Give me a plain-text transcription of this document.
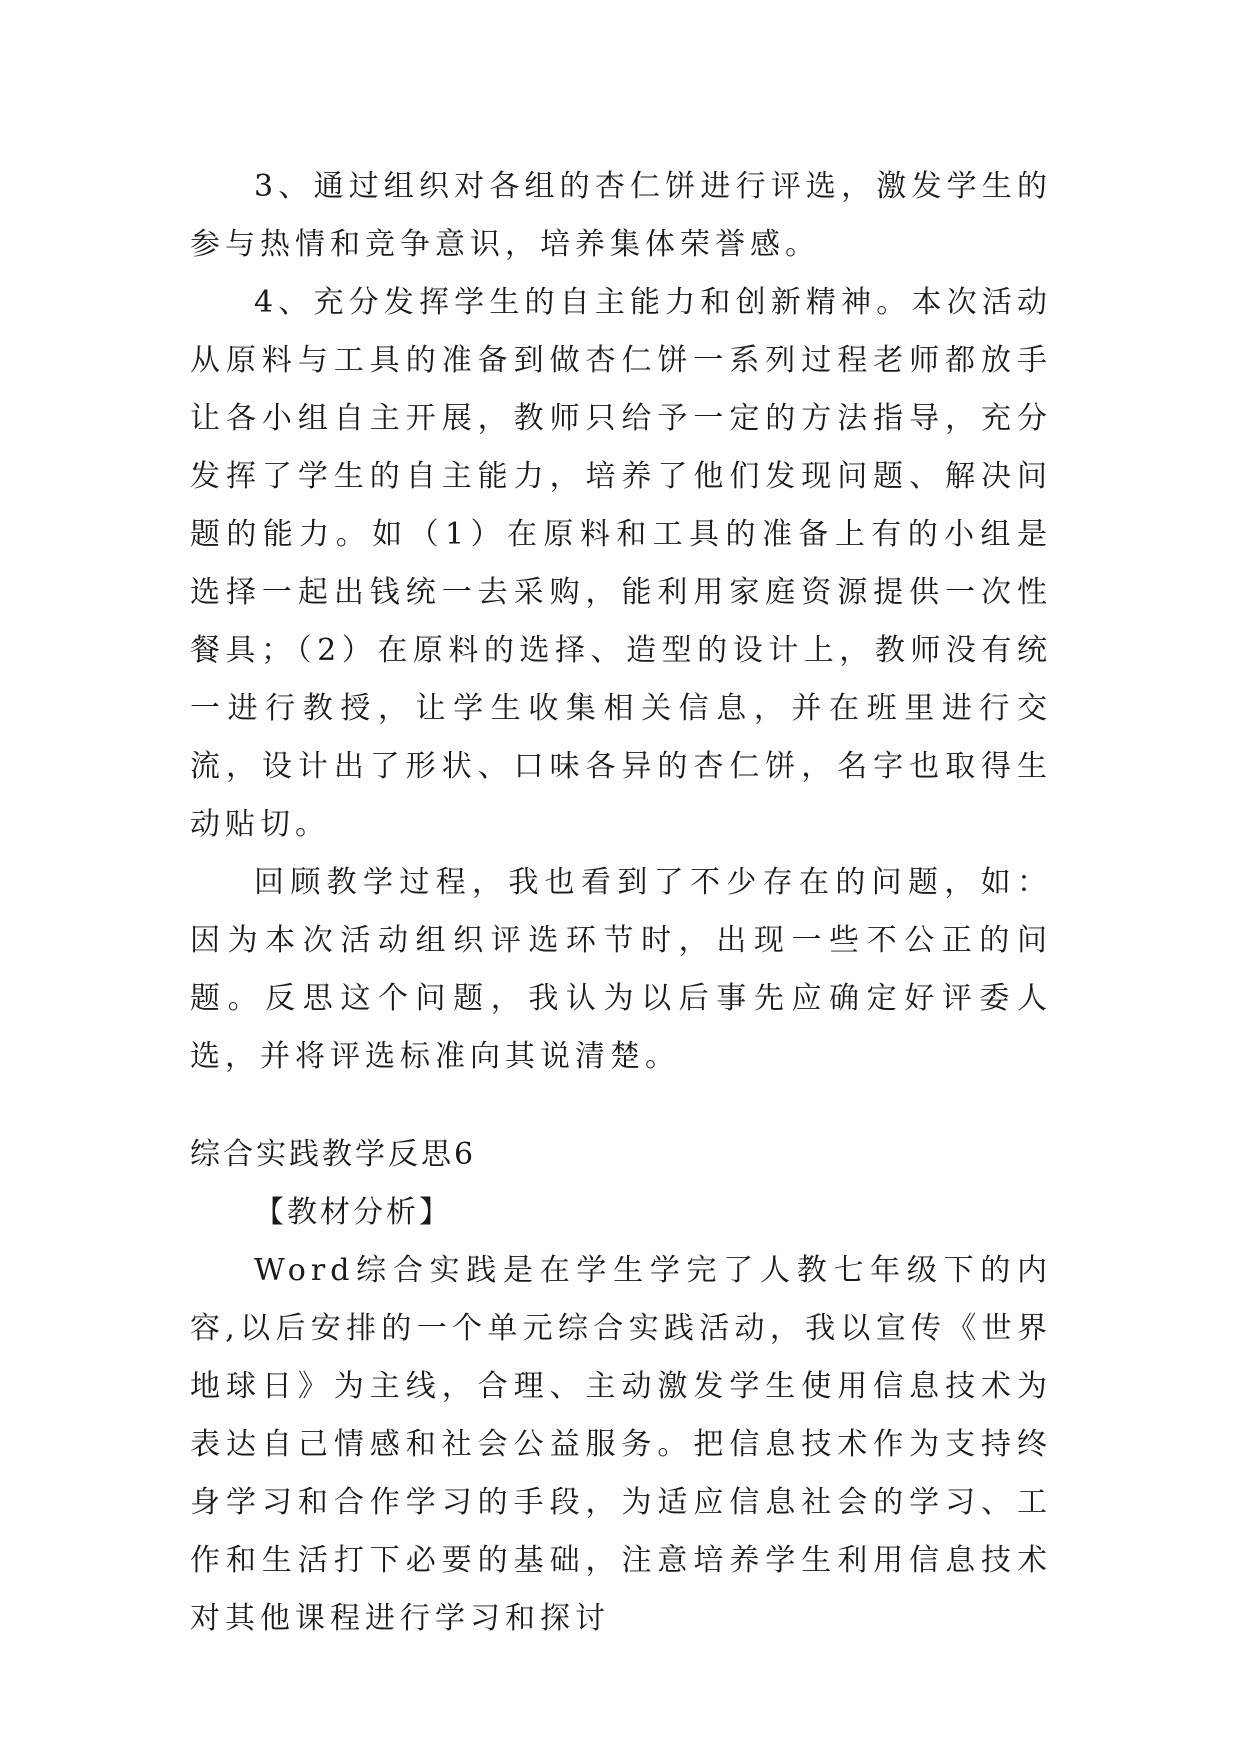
3、通过组织对各组的杏仁饼进行评选，激发学生的参与热情和竞争意识，培养集体荣誉感。

4、充分发挥学生的自主能力和创新精神。本次活动从原料与工具的准备到做杏仁饼一系列过程老师都放手让各小组自主开展，教师只给予一定的方法指导，充分发挥了学生的自主能力，培养了他们发现问题、解决问题的能力。如（1）在原料和工具的准备上有的小组是选择一起出钱统一去采购，能利用家庭资源提供一次性餐具；（2）在原料的选择、造型的设计上，教师没有统一进行教授，让学生收集相关信息，并在班里进行交流，设计出了形状、口味各异的杏仁饼，名字也取得生动贴切。

回顾教学过程，我也看到了不少存在的问题，如：因为本次活动组织评选环节时，出现一些不公正的问题。反思这个问题，我认为以后事先应确定好评委人选，并将评选标准向其说清楚。

综合实践教学反思6

【教材分析】

Word综合实践是在学生学完了人教七年级下的内容,以后安排的一个单元综合实践活动，我以宣传《世界地球日》为主线，合理、主动激发学生使用信息技术为表达自己情感和社会公益服务。把信息技术作为支持终身学习和合作学习的手段，为适应信息社会的学习、工作和生活打下必要的基础，注意培养学生利用信息技术对其他课程进行学习和探讨
